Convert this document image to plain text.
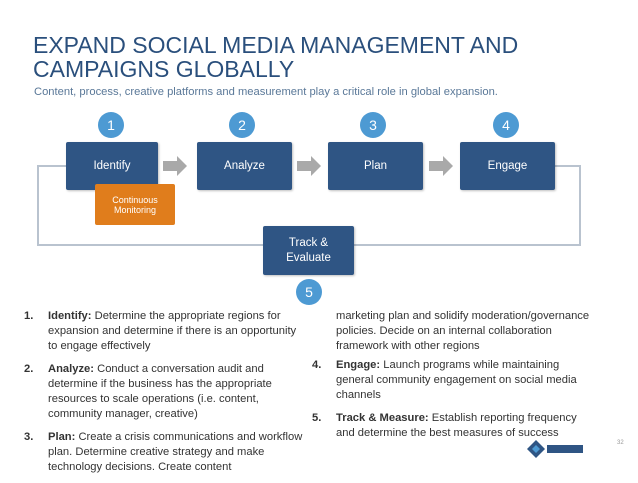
EXPAND SOCIAL MEDIA MANAGEMENT AND
CAMPAIGNS GLOBALLY
Content, process, creative platforms and measurement play a critical role in global expansion.
1	2	3	4
5
Identify	Analyze	Plan	Engage
Track &
Evaluate
Continuous
Monitoring
1. Identify: Determine the appropriate regions for expansion and determine if there is an opportunity to engage effectively
2. Analyze: Conduct a conversation audit and determine if the business has the appropriate resources to scale operations (i.e. content, community manager, creative)
3. Plan: Create a crisis communications and workflow plan. Determine creative strategy and make technology decisions. Create content
marketing plan and solidify moderation/governance policies. Decide on an internal collaboration framework with other regions
4. Engage: Launch programs while maintaining general community engagement on social media channels
5. Track & Measure: Establish reporting frequency and determine the best measures of success
32
